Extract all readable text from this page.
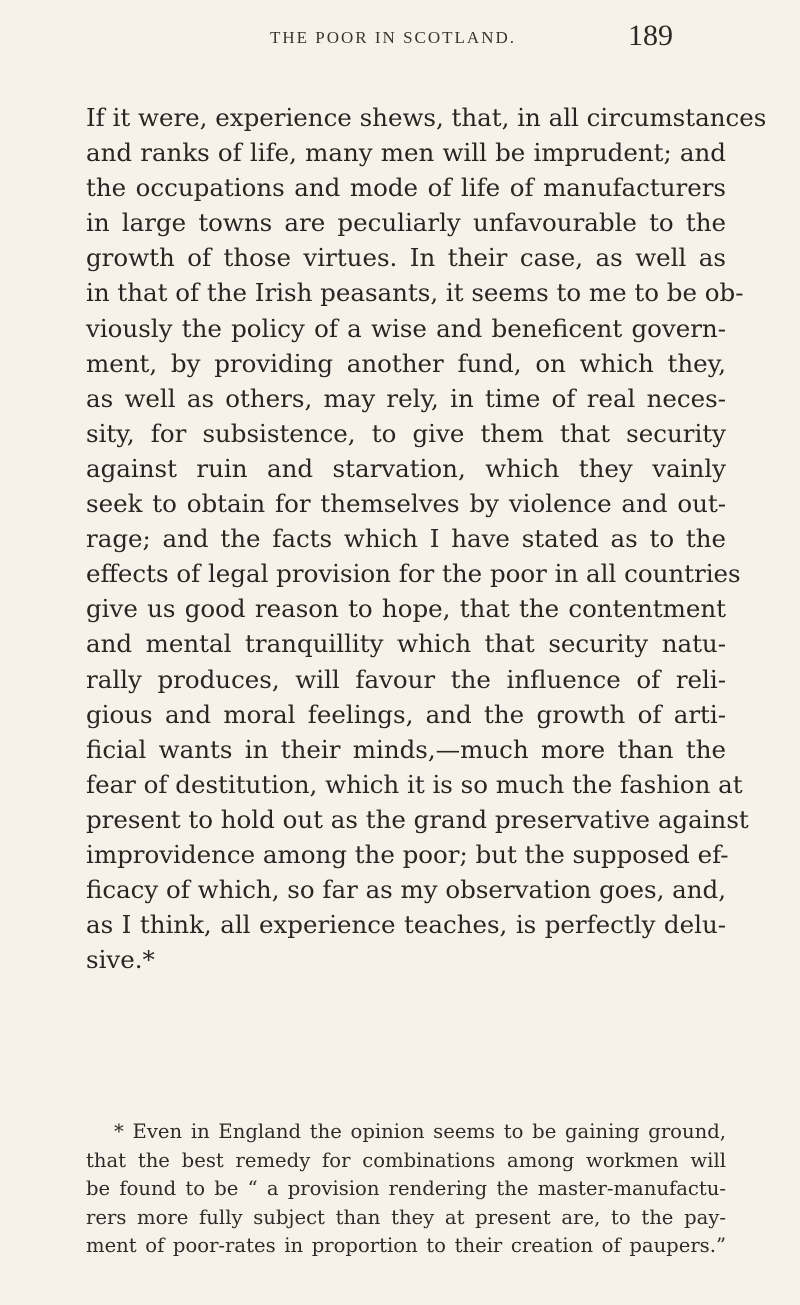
THE POOR IN SCOTLAND.	189
If it were, experience shews, that, in all circumstances
and ranks of life, many men will be imprudent; and
the occupations and mode of life of manufacturers
in large towns are peculiarly unfavourable to the
growth of those virtues. In their case, as well as
in that of the Irish peasants, it seems to me to be ob-
viously the policy of a wise and beneficent govern-
ment, by providing another fund, on which they,
as well as others, may rely, in time of real neces-
sity, for subsistence, to give them that security
against ruin and starvation, which they vainly
seek to obtain for themselves by violence and out-
rage; and the facts which I have stated as to the
effects of legal provision for the poor in all countries
give us good reason to hope, that the contentment
and mental tranquillity which that security natu-
rally produces, will favour the influence of reli-
gious and moral feelings, and the growth of arti-
ficial wants in their minds,—much more than the
fear of destitution, which it is so much the fashion at
present to hold out as the grand preservative against
improvidence among the poor; but the supposed ef-
ficacy of which, so far as my observation goes, and,
as I think, all experience teaches, is perfectly delu-
sive.*
* Even in England the opinion seems to be gaining ground,
that the best remedy for combinations among workmen will
be found to be “ a provision rendering the master-manufactu-
rers more fully subject than they at present are, to the pay-
ment of poor-rates in proportion to their creation of paupers.”
